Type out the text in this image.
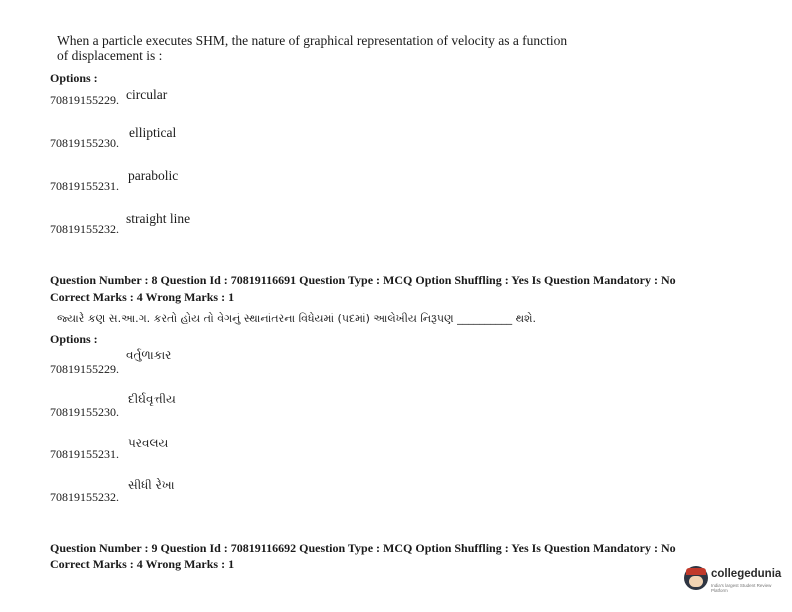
When a particle executes SHM, the nature of graphical representation of velocity as a function
of displacement is :
Options :
70819155229. circular
70819155230.
elliptical
70819155231.
parabolic
70819155232.
straight line
Question Number : 8 Question Id : 70819116691 Question Type : MCQ Option Shuffling : Yes Is Question Mandatory : No
Correct Marks : 4 Wrong Marks : 1
જ્યારે કણ સ.આ.ગ. કરતો હોય તો વેગનું સ્થાનાંતરના વિધેયમાં (પદમાં) આલેખીય નિરૂપણ __________ થશે.
Options :
70819155229.
વર્તુળાકાર
70819155230.
દીર્ઘવૃત્તીય
70819155231.
પરવલય
70819155232.
સીધી રેખા
Question Number : 9 Question Id : 70819116692 Question Type : MCQ Option Shuffling : Yes Is Question Mandatory : No
Correct Marks : 4 Wrong Marks : 1
collegedunia
India's largest Student Review Platform
